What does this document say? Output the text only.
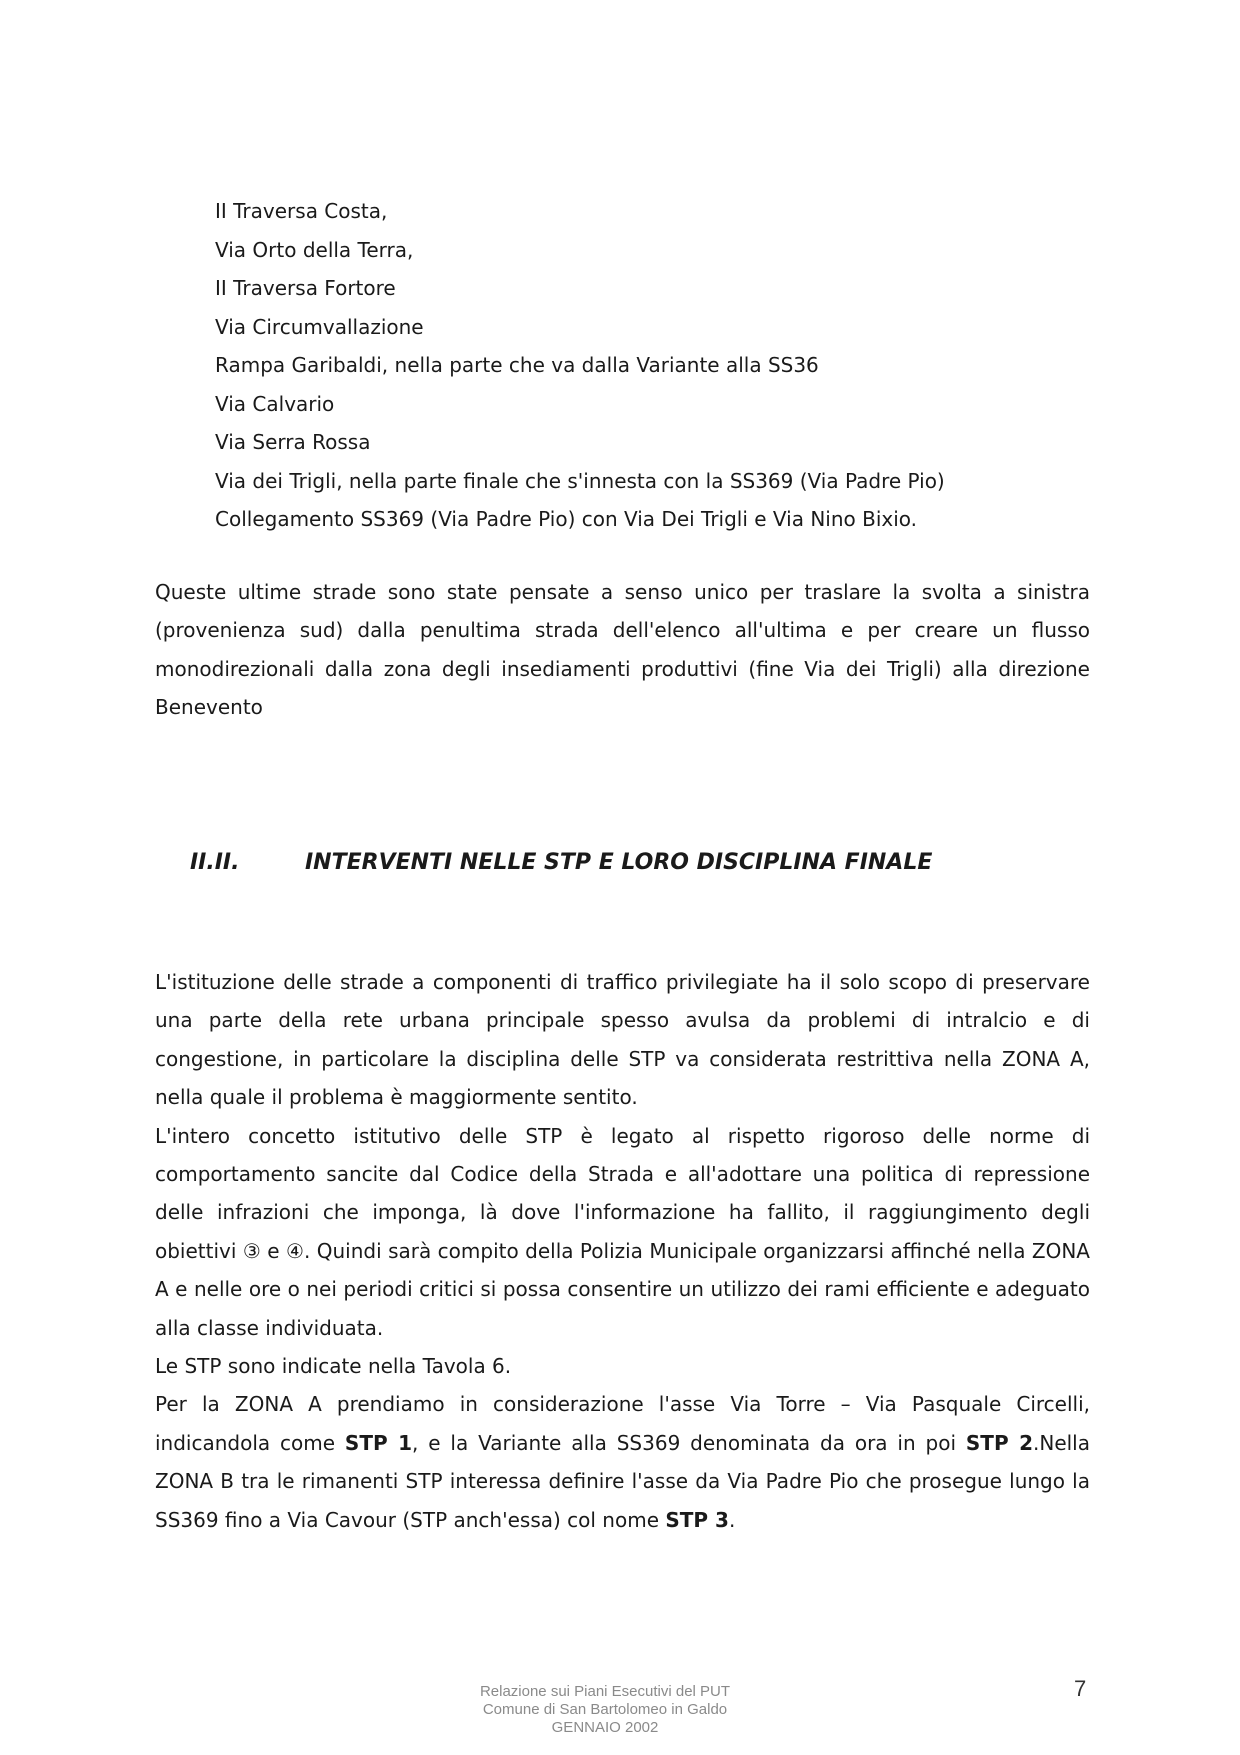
II Traversa Costa,
Via Orto della Terra,
II Traversa Fortore
Via Circumvallazione
Rampa Garibaldi, nella parte che va dalla Variante alla SS36
Via Calvario
Via Serra Rossa
Via dei Trigli, nella parte finale che s'innesta con la SS369 (Via Padre Pio)
Collegamento SS369 (Via Padre Pio) con Via Dei Trigli e Via Nino Bixio.

Queste ultime strade sono state pensate a senso unico per traslare la svolta a sinistra (provenienza sud) dalla penultima strada dell'elenco all'ultima e per creare un flusso monodirezionali dalla zona degli insediamenti produttivi (fine Via dei Trigli) alla direzione Benevento

II.II.	INTERVENTI NELLE STP E LORO DISCIPLINA FINALE

L'istituzione delle strade a componenti di traffico privilegiate ha il solo scopo di preservare una parte della rete urbana principale spesso avulsa da problemi di intralcio e di congestione, in particolare la disciplina delle STP va considerata restrittiva nella ZONA A, nella quale il problema è maggiormente sentito.

L'intero concetto istitutivo delle STP è legato al rispetto rigoroso delle norme di comportamento sancite dal Codice della Strada e all'adottare una politica di repressione delle infrazioni che imponga, là dove l'informazione ha fallito, il raggiungimento degli obiettivi ③ e ④. Quindi sarà compito della Polizia Municipale organizzarsi affinché nella ZONA A e nelle ore o nei periodi critici si possa consentire un utilizzo dei rami efficiente e adeguato alla classe individuata.

Le STP sono indicate nella Tavola 6.

Per la ZONA A prendiamo in considerazione l'asse Via Torre – Via Pasquale Circelli, indicandola come STP 1, e la Variante alla SS369 denominata da ora in poi STP 2.Nella ZONA B tra le rimanenti STP interessa definire l'asse da Via Padre Pio che prosegue lungo la SS369 fino a Via Cavour (STP anch'essa) col nome STP 3.

Relazione sui Piani Esecutivi del PUT
Comune di San Bartolomeo in Galdo
GENNAIO 2002
7
